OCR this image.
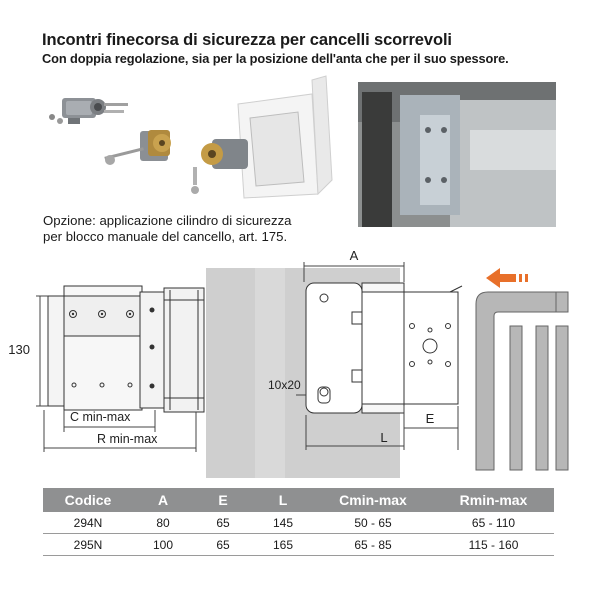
Incontri finecorsa di sicurezza per cancelli scorrevoli
Con doppia regolazione, sia per la posizione dell'anta che per il suo spessore.
Opzione: applicazione cilindro di sicurezza
per blocco manuale del cancello, art. 175.
130
C min-max
R min-max
A
10x20
E
L
Codice	A	E	L	Cmin-max	Rmin-max
294N	80	65	145	50 - 65	65 - 110
295N	100	65	165	65 - 85	115 - 160
